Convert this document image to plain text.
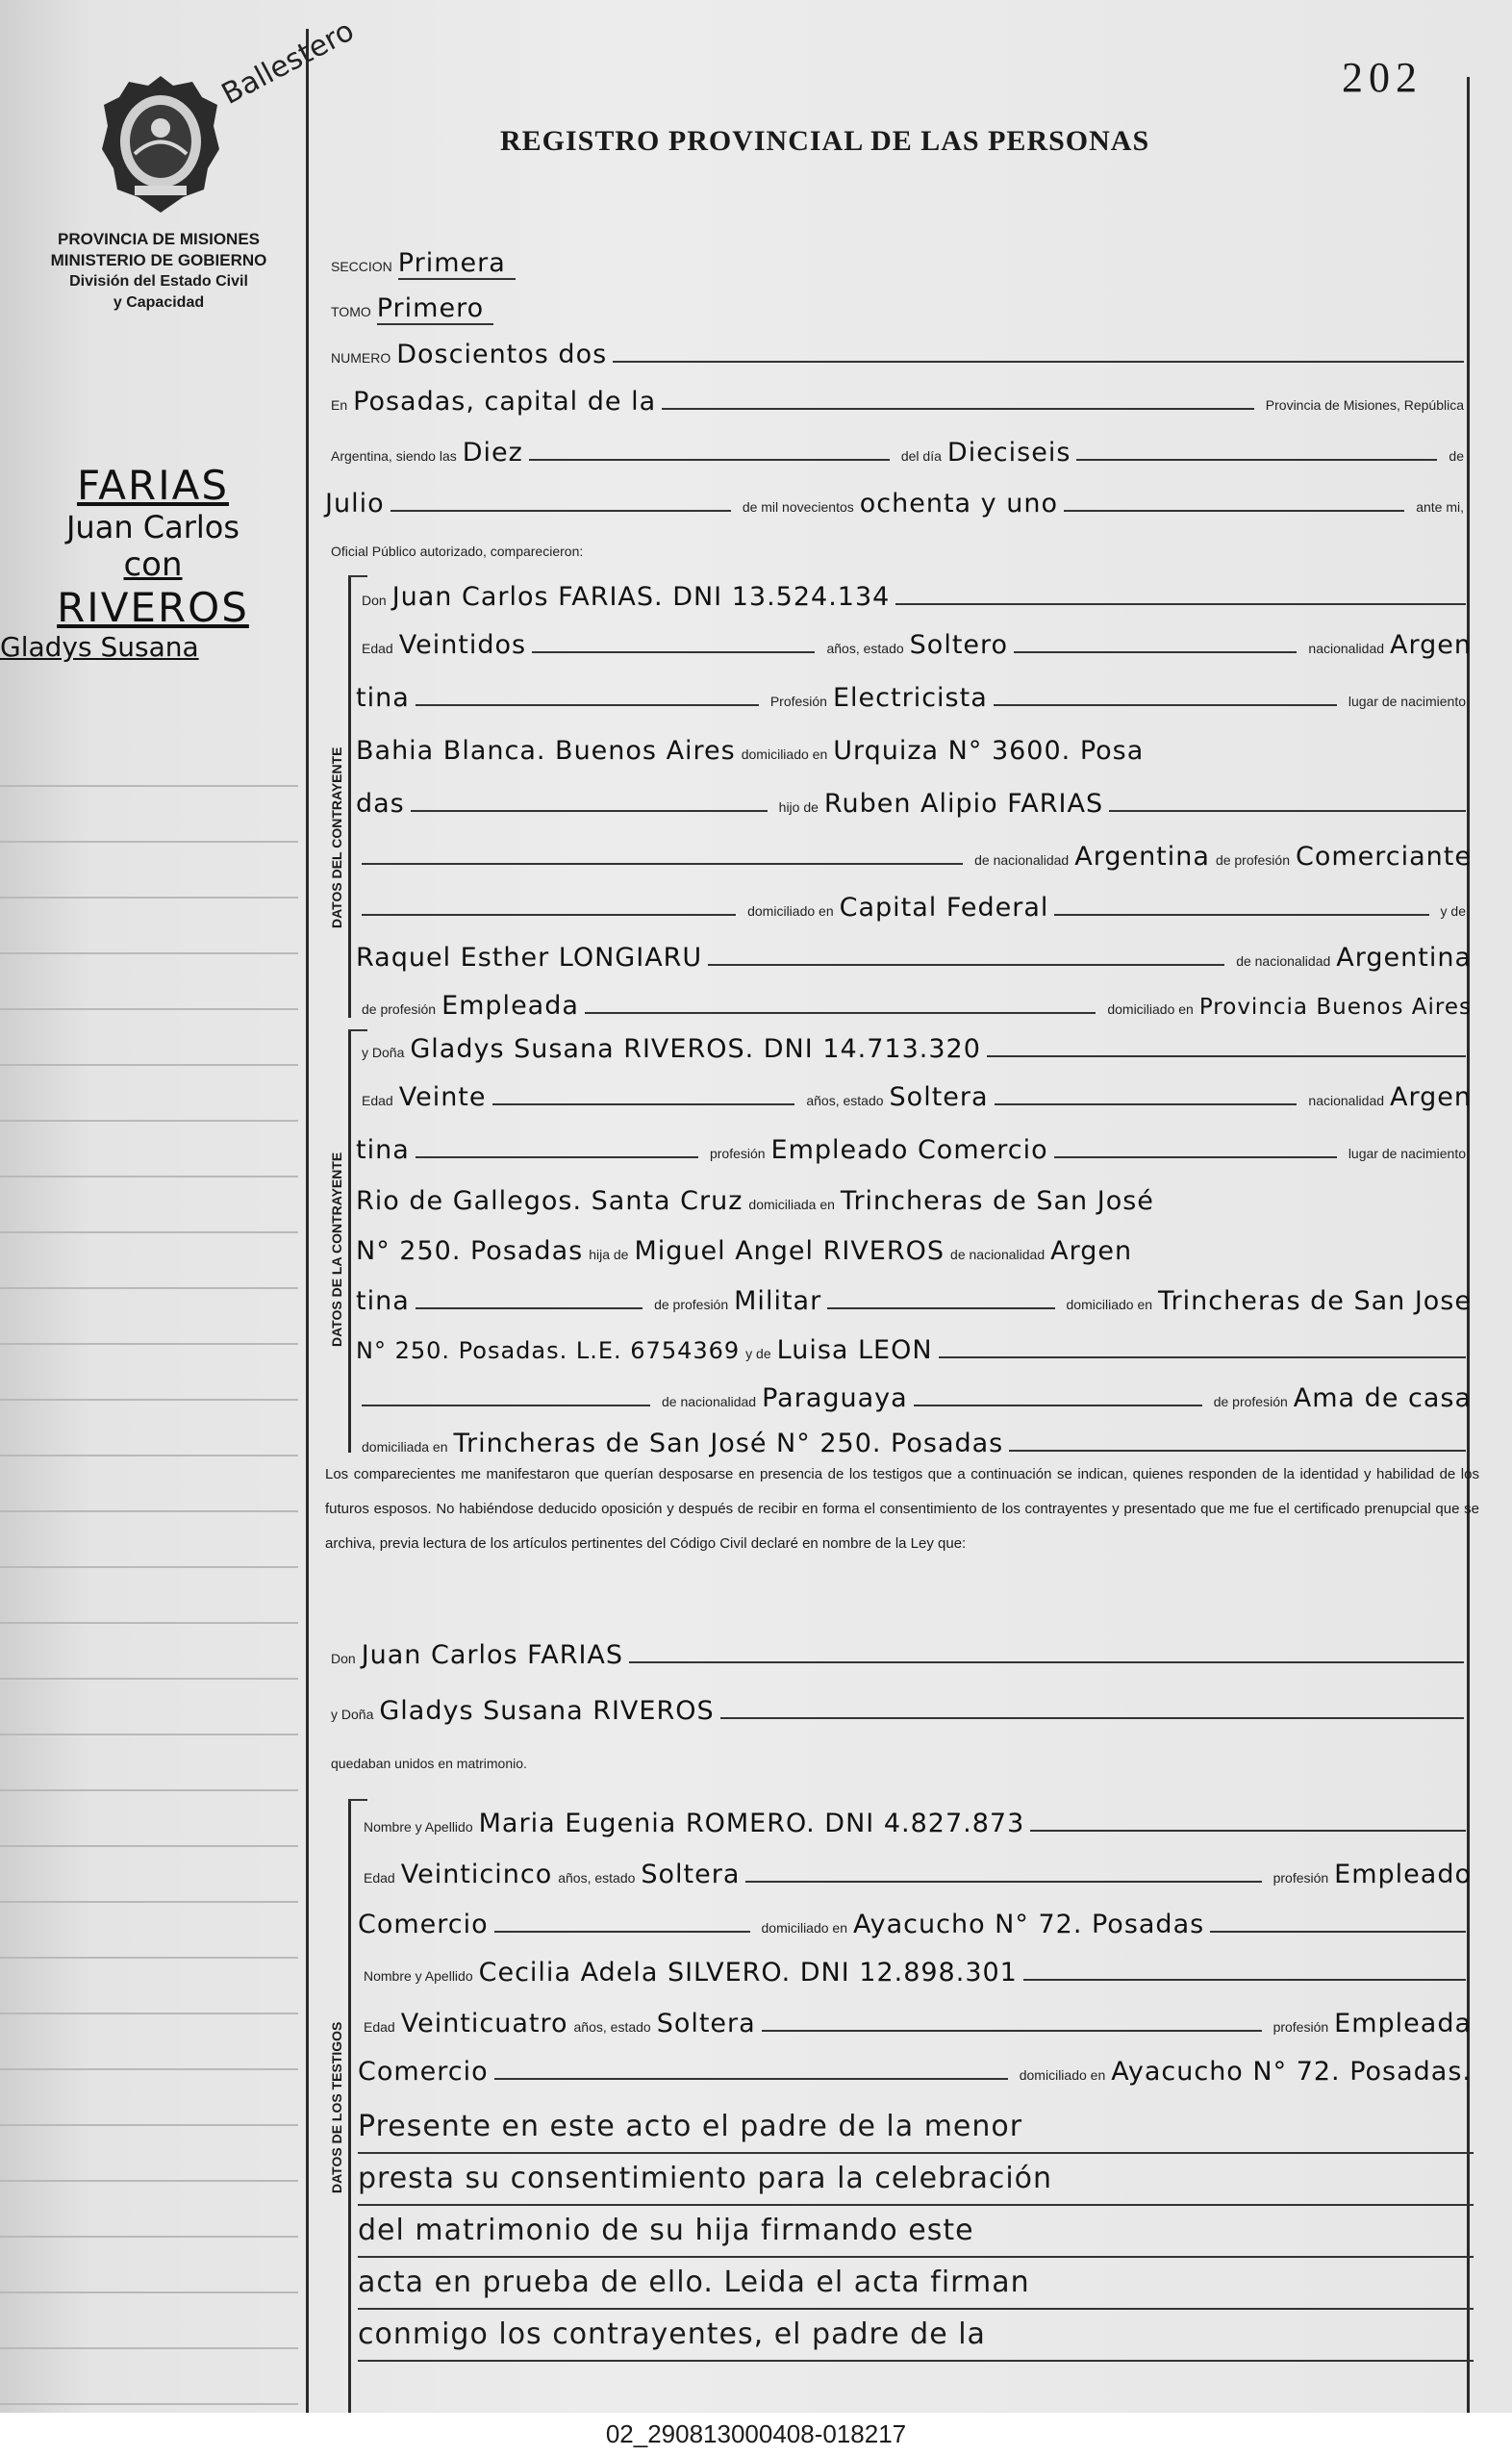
Ballestero	202
REGISTRO PROVINCIAL DE LAS PERSONAS
PROVINCIA DE MISIONES
MINISTERIO DE GOBIERNO
División del Estado Civil
y Capacidad
FARIAS
Juan Carlos
con
RIVEROS
Gladys Susana
SECCION Primera
TOMO Primero
NUMERO Doscientos dos
En Posadas, capital de la	Provincia de Misiones, República
Argentina, siendo las Diez	del día Dieciseis	de
Julio	de mil novecientos ochenta y uno	ante mi,
Oficial Público autorizado, comparecieron:
DATOS DEL CONTRAYENTE
Don Juan Carlos FARIAS. DNI 13.524.134
Edad Veintidos	años, estado Soltero	nacionalidad Argen
tina	Profesión Electricista	lugar de nacimiento
Bahia Blanca. Buenos Aires domiciliado en Urquiza N° 3600. Posa
das	hijo de Ruben Alipio FARIAS
de nacionalidad Argentina de profesión Comerciante
domiciliado en Capital Federal	y de
Raquel Esther LONGIARU	de nacionalidad Argentina
de profesión Empleada	domiciliado en Provincia Buenos Aires
DATOS DE LA CONTRAYENTE
y Doña Gladys Susana RIVEROS. DNI 14.713.320
Edad Veinte	años, estado Soltera	nacionalidad Argen
tina	profesión Empleado Comercio	lugar de nacimiento
Rio de Gallegos. Santa Cruz domiciliada en Trincheras de San José
N° 250. Posadas hija de Miguel Angel RIVEROS de nacionalidad Argen
tina	de profesión Militar	domiciliado en Trincheras de San Jose
N° 250. Posadas. L.E. 6754369 y de Luisa LEON
de nacionalidad Paraguaya	de profesión Ama de casa
domiciliada en Trincheras de San José N° 250. Posadas
Los comparecientes me manifestaron que querían desposarse en presencia de los testigos que a continuación se indican, quienes responden de la identidad y habilidad de los futuros esposos. No habiéndose deducido oposición y después de recibir en forma el consentimiento de los contrayentes y presentado que me fue el certificado prenupcial que se archiva, previa lectura de los artículos pertinentes del Código Civil declaré en nombre de la Ley que:
Don Juan Carlos FARIAS
y Doña Gladys Susana RIVEROS
quedaban unidos en matrimonio.
DATOS DE LOS TESTIGOS
Nombre y Apellido Maria Eugenia ROMERO. DNI 4.827.873
Edad Veinticinco años, estado Soltera	profesión Empleado
Comercio	domiciliado en Ayacucho N° 72. Posadas
Nombre y Apellido Cecilia Adela SILVERO. DNI 12.898.301
Edad Veinticuatro años, estado Soltera	profesión Empleada
Comercio	domiciliado en Ayacucho N° 72. Posadas.
Presente en este acto el padre de la menor
presta su consentimiento para la celebración
del matrimonio de su hija firmando este
acta en prueba de ello. Leida el acta firman
conmigo los contrayentes, el padre de la
02_290813000408-018217
